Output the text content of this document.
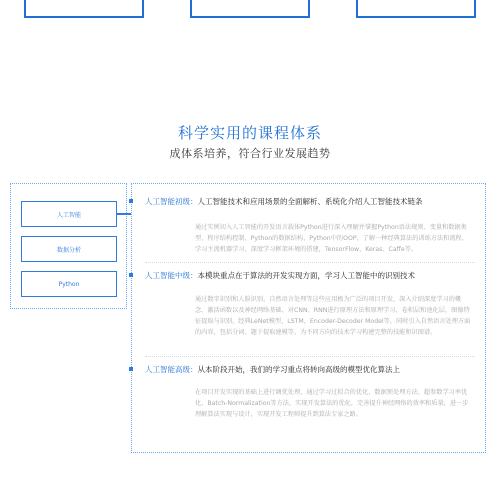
科学实用的课程体系
成体系培养，符合行业发展趋势
人工智能
数据分析
Python
人工智能初级：人工智能技术和应用场景的全面解析、系统化介绍人工智能技术链条
通过实例切入人工智能的开发语言载体Python进行深入理解并掌握Python语法规则、变量和数据类型、程序结构控制、Python的数据结构、Python中的OOP、了解一种经典算法的训练方法和流程、学习主流机器学习、深度学习框架环境的搭建，TensorFlow、Keras、Caffe等。
人工智能中级：本模块重点在于算法的开发实现方面，学习人工智能中的识别技术
通过数字识别和人脸识别、自然语言处理等这些应用极为广泛的项目开发，深入介绍深度学习的概念、激活函数以及神经网络基础、对CNN、RNN进行原理方法和原理学习，卷积层和池化层，图像特征提取与识别，经典LeNet模型，LSTM，Encoder-Decoder Model等，同时引入自然语言处理方面的内容，包括分词、题于提取建模等，为不同方向的技术学习构建完整的技能和识图谱。
人工智能高级：从本阶段开始，我们的学习重点将转向高级的模型优化算法上
在项目开发实现的基础上进行调优处理，通过学习过拟合的优化、数据预处理方法、超参数学习率优化、Batch-Normalization等方法，实现开发算法的优化，完善提升神经网络的效率和质量，进一步理解算法实现与设计，实现开发工程师提升到算法专家之路。
